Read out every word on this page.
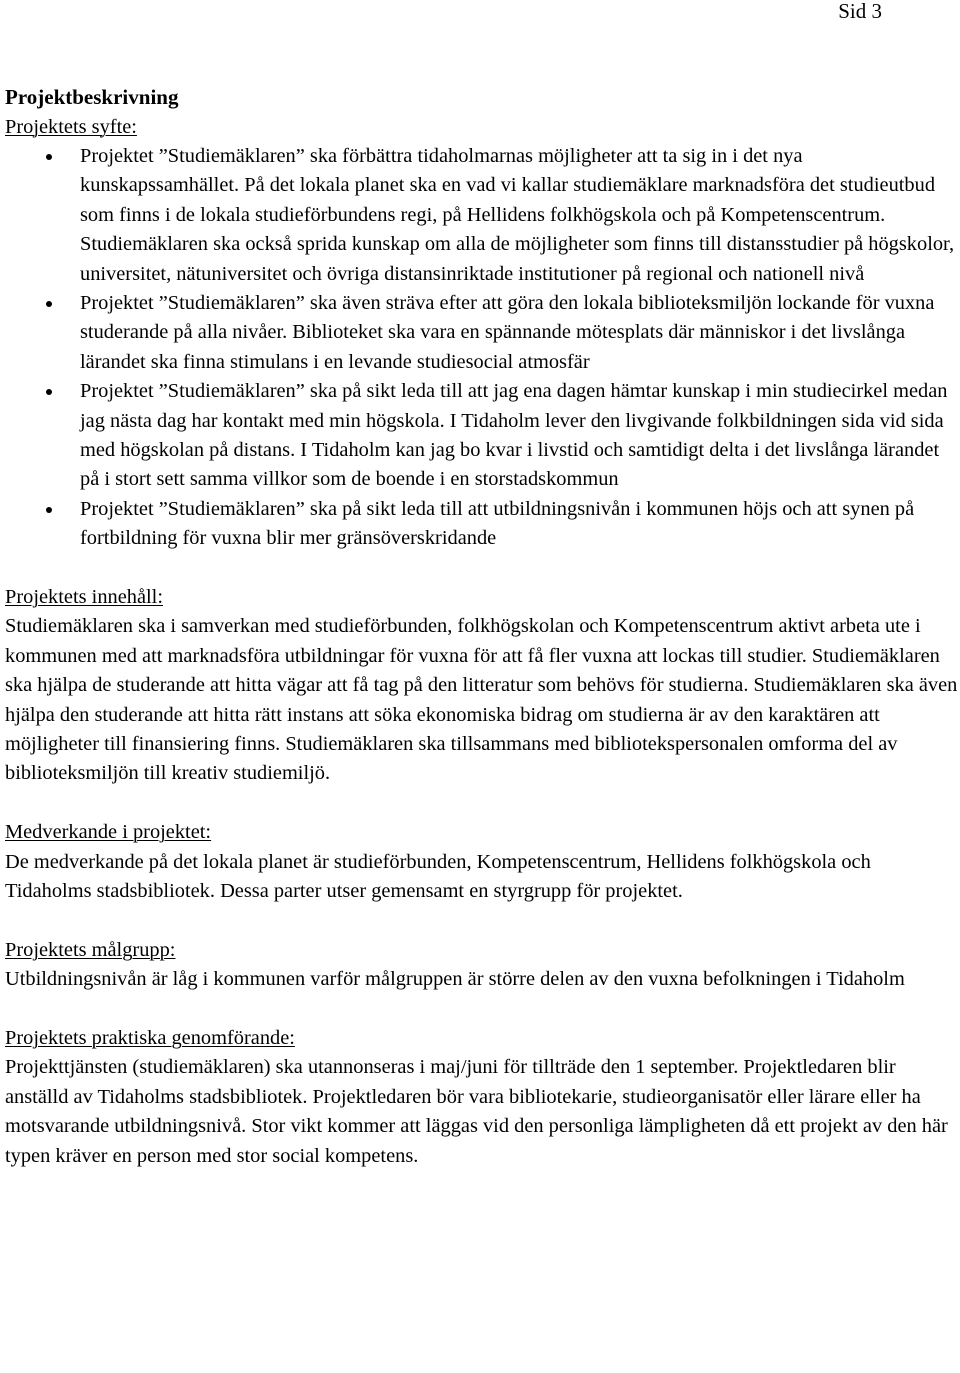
Sid 3
Projektbeskrivning
Projektets syfte:
Projektet ”Studiemäklaren” ska förbättra tidaholmarnas möjligheter att ta sig in i det nya kunskapssamhället. På det lokala planet ska en vad vi kallar studiemäklare marknadsföra det studieutbud som finns i de lokala studieförbundens regi, på Hellidens folkhögskola och på Kompetenscentrum. Studiemäklaren ska också sprida kunskap om alla de möjligheter som finns till distansstudier på högskolor, universitet, nätuniversitet och övriga distansinriktade institutioner på regional och nationell nivå
Projektet ”Studiemäklaren” ska även sträva efter att göra den lokala biblioteksmiljön lockande för vuxna studerande på alla nivåer. Biblioteket ska vara en spännande mötesplats där människor i det livslånga lärandet ska finna stimulans i en levande studiesocial atmosfär
Projektet ”Studiemäklaren” ska på sikt leda till att jag ena dagen hämtar kunskap i min studiecirkel medan jag nästa dag har kontakt med min högskola. I Tidaholm lever den livgivande folkbildningen sida vid sida med högskolan på distans. I Tidaholm kan jag bo kvar i livstid och samtidigt delta i det livslånga lärandet på i stort sett samma villkor som de boende i en storstadskommun
Projektet ”Studiemäklaren” ska på sikt leda till att utbildningsnivån i kommunen höjs och att synen på fortbildning för vuxna blir mer gränsöverskridande
Projektets innehåll:

Studiemäklaren ska i samverkan med studieförbunden, folkhögskolan och Kompetenscentrum aktivt arbeta ute i kommunen med att marknadsföra utbildningar för vuxna för att få fler vuxna att lockas till studier. Studiemäklaren ska hjälpa de studerande att hitta vägar att få tag på den litteratur som behövs för studierna. Studiemäklaren ska även hjälpa den studerande att hitta rätt instans att söka ekonomiska bidrag om studierna är av den karaktären att möjligheter till finansiering finns. Studiemäklaren ska tillsammans med bibliotekspersonalen omforma del av biblioteksmiljön till kreativ studiemiljö.

Medverkande i projektet:

De medverkande på det lokala planet är studieförbunden, Kompetenscentrum, Hellidens folkhögskola och Tidaholms stadsbibliotek. Dessa parter utser gemensamt en styrgrupp för projektet.

Projektets målgrupp:

Utbildningsnivån är låg i kommunen varför målgruppen är större delen av den vuxna befolkningen i Tidaholm

Projektets praktiska genomförande:

Projekttjänsten (studiemäklaren) ska utannonseras i maj/juni för tillträde den 1 september. Projektledaren blir anställd av Tidaholms stadsbibliotek. Projektledaren bör vara bibliotekarie, studieorganisatör eller lärare eller ha motsvarande utbildningsnivå. Stor vikt kommer att läggas vid den personliga lämpligheten då ett projekt av den här typen kräver en person med stor social kompetens.
